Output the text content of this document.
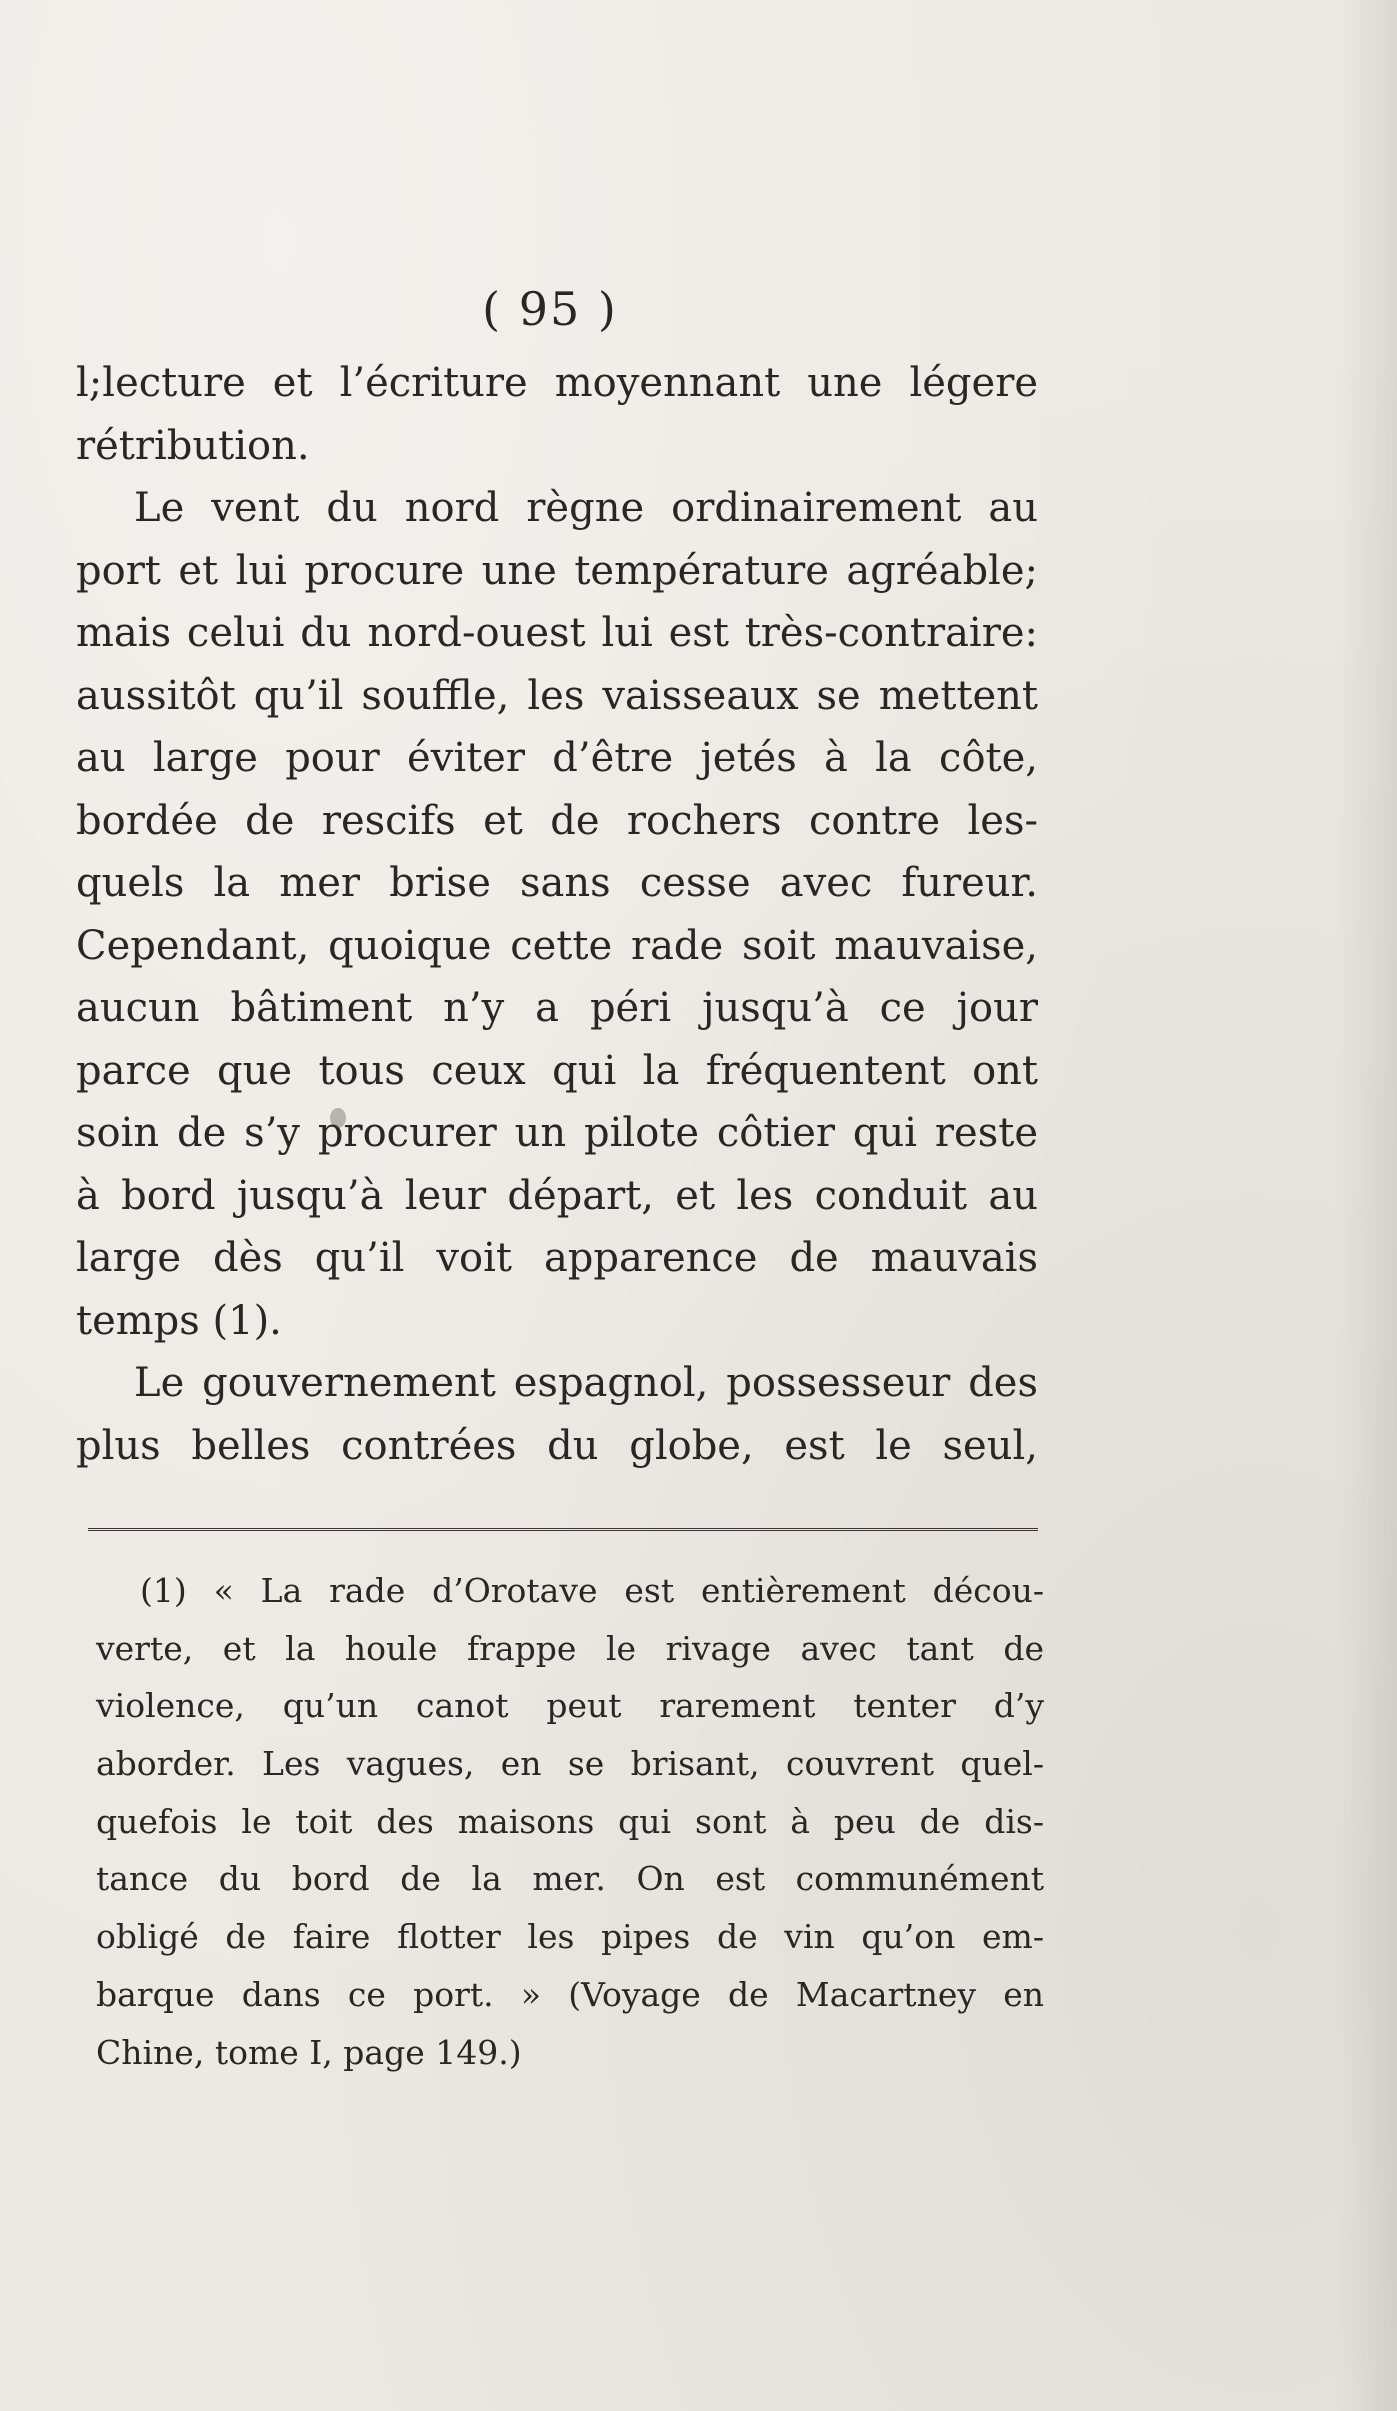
( 95 )
l;lecture et l’écriture moyennant une légere
rétribution.
Le vent du nord règne ordinairement au
port et lui procure une température agréable;
mais celui du nord-ouest lui est très-contraire:
aussitôt qu’il souffle, les vaisseaux se mettent
au large pour éviter d’être jetés à la côte,
bordée de rescifs et de rochers contre les-
quels la mer brise sans cesse avec fureur.
Cependant, quoique cette rade soit mauvaise,
aucun bâtiment n’y a péri jusqu’à ce jour
parce que tous ceux qui la fréquentent ont
soin de s’y procurer un pilote côtier qui reste
à bord jusqu’à leur départ, et les conduit au
large dès qu’il voit apparence de mauvais
temps (1).
Le gouvernement espagnol, possesseur des
plus belles contrées du globe, est le seul,
(1) « La rade d’Orotave est entièrement décou-
verte, et la houle frappe le rivage avec tant de
violence, qu’un canot peut rarement tenter d’y
aborder. Les vagues, en se brisant, couvrent quel-
quefois le toit des maisons qui sont à peu de dis-
tance du bord de la mer. On est communément
obligé de faire flotter les pipes de vin qu’on em-
barque dans ce port. » (Voyage de Macartney en
Chine, tome I, page 149.)
